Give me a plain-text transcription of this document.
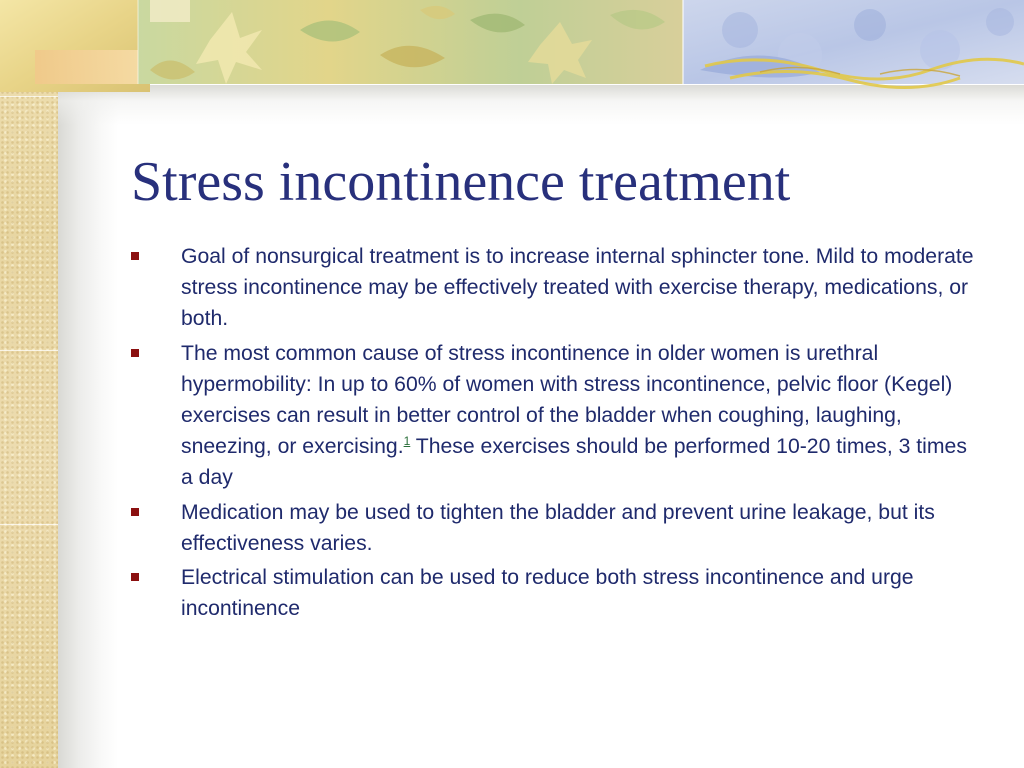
Stress incontinence treatment
Goal of nonsurgical treatment is to increase internal sphincter tone. Mild to moderate stress incontinence may be effectively treated with exercise therapy, medications, or both.
The most common cause of stress incontinence in older women is urethral hypermobility: In up to 60% of women with stress incontinence, pelvic floor (Kegel) exercises can result in better control of the bladder when coughing, laughing, sneezing, or exercising.$^1$ These exercises should be performed 10-20 times, 3 times a day
Medication may be used to tighten the bladder and prevent urine leakage, but its effectiveness varies.
Electrical stimulation can be used to reduce both stress incontinence and urge incontinence
